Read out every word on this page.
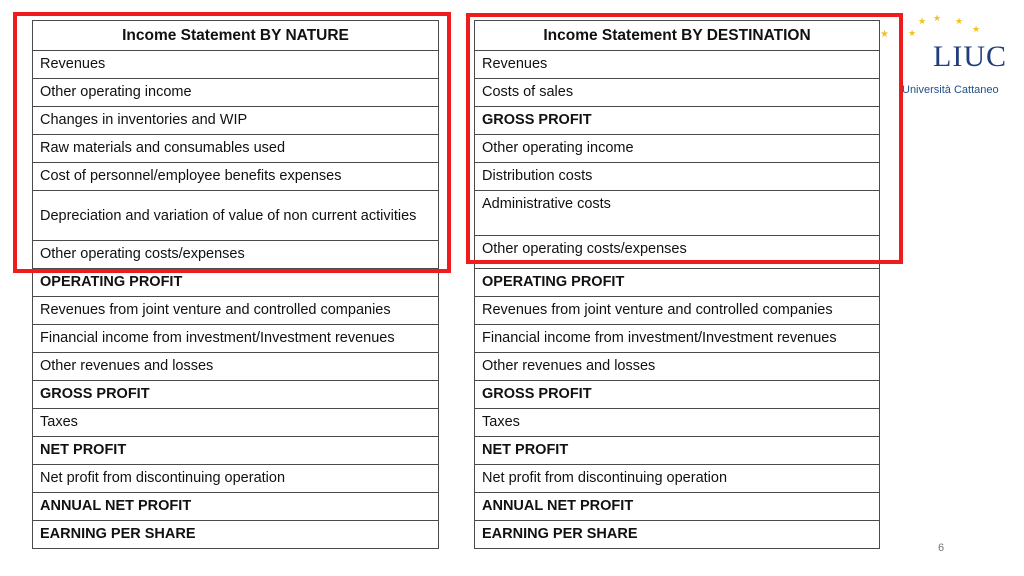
Income Statement BY NATURE
Revenues
Other operating income
Changes in inventories and WIP
Raw materials and consumables used
Cost of personnel/employee benefits expenses
Depreciation and variation of value of non current activities
Other operating costs/expenses
OPERATING PROFIT
Revenues from joint venture and controlled companies
Financial income from investment/Investment revenues
Other revenues and losses
GROSS PROFIT
Taxes
NET PROFIT
Net profit from discontinuing operation
ANNUAL NET PROFIT
EARNING PER SHARE
Income Statement BY DESTINATION
Revenues
Costs of sales
GROSS PROFIT
Other operating income
Distribution costs
Administrative costs
Other operating costs/expenses
OPERATING PROFIT
Revenues from joint venture and controlled companies
Financial income from investment/Investment revenues
Other revenues and losses
GROSS PROFIT
Taxes
NET PROFIT
Net profit from discontinuing operation
ANNUAL NET PROFIT
EARNING PER SHARE
★ ★
★ ★ ★
★
LIUC
Università Cattaneo
6
